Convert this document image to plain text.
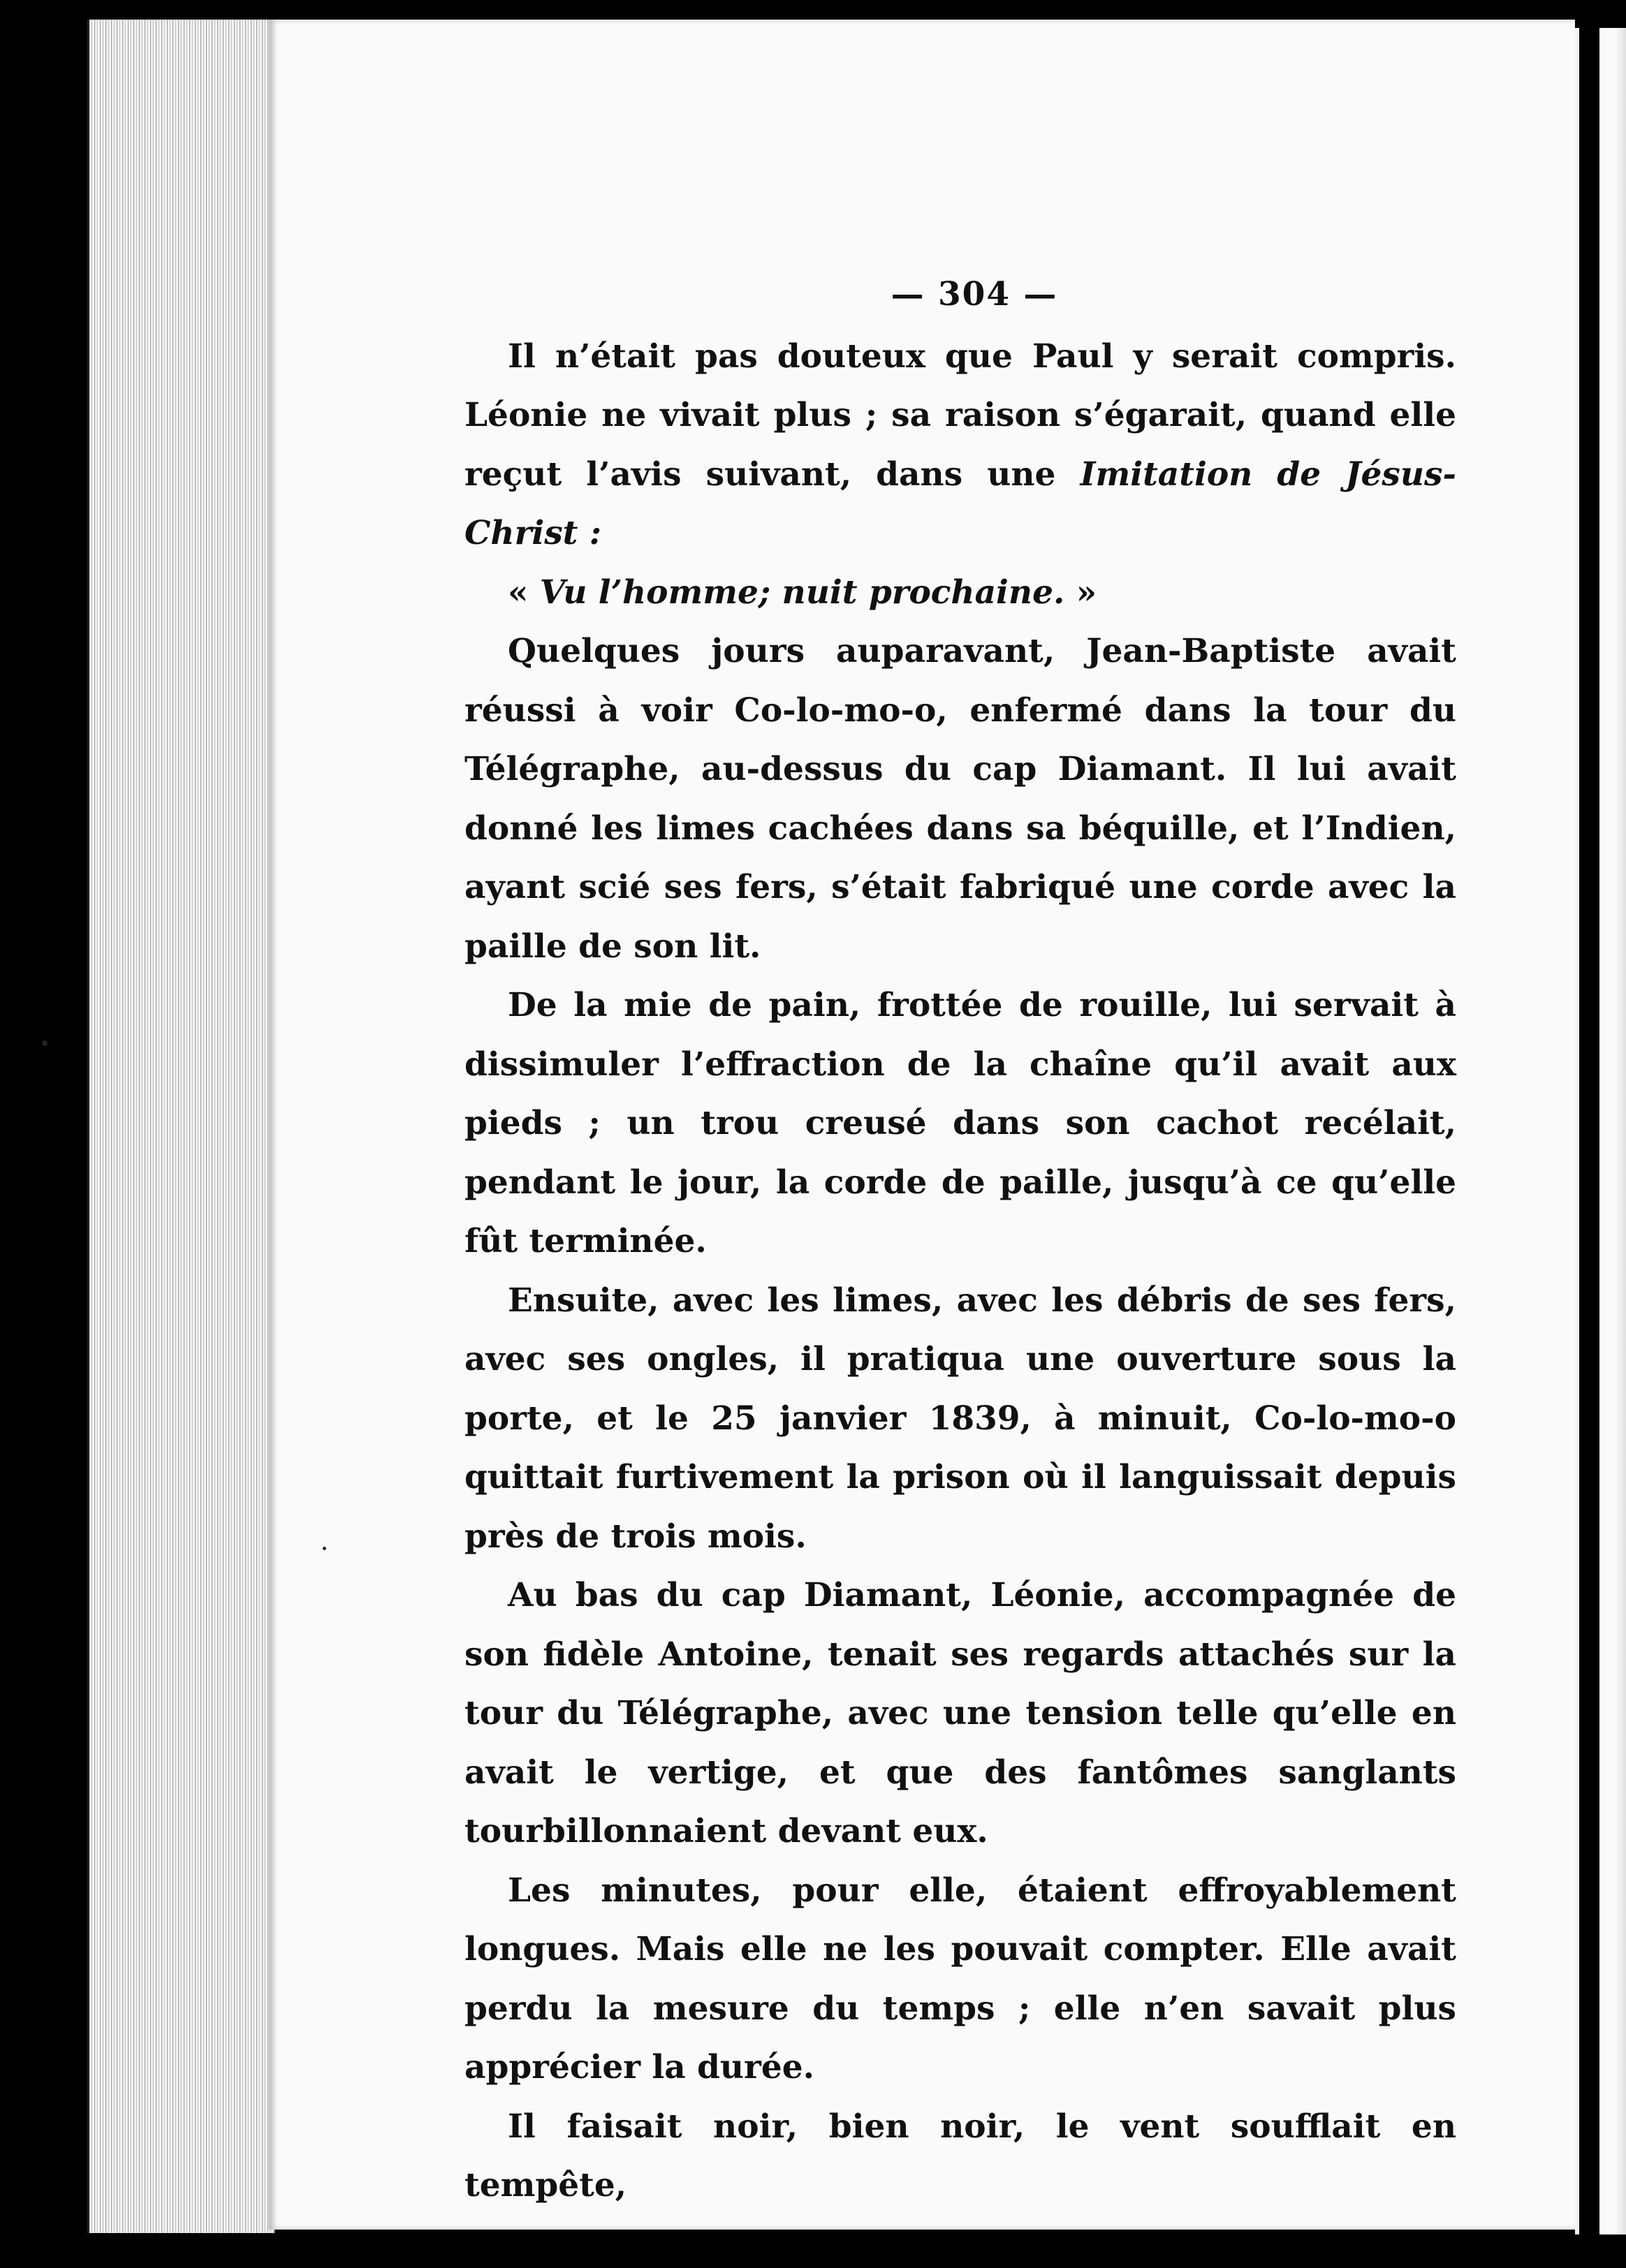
— 304 —

Il n’était pas douteux que Paul y serait compris. Léonie ne vivait plus ; sa raison s’égarait, quand elle reçut l’avis suivant, dans une Imitation de Jésus-Christ :

« Vu l’homme; nuit prochaine. »

Quelques jours auparavant, Jean-Baptiste avait réussi à voir Co-lo-mo-o, enfermé dans la tour du Télégraphe, au-dessus du cap Diamant. Il lui avait donné les limes cachées dans sa béquille, et l’Indien, ayant scié ses fers, s’était fabriqué une corde avec la paille de son lit.

De la mie de pain, frottée de rouille, lui servait à dissimuler l’effraction de la chaîne qu’il avait aux pieds ; un trou creusé dans son cachot recélait, pendant le jour, la corde de paille, jusqu’à ce qu’elle fût terminée.

Ensuite, avec les limes, avec les débris de ses fers, avec ses ongles, il pratiqua une ouverture sous la porte, et le 25 janvier 1839, à minuit, Co-lo-mo-o quittait furtivement la prison où il languissait depuis près de trois mois.

Au bas du cap Diamant, Léonie, accompagnée de son fidèle Antoine, tenait ses regards attachés sur la tour du Télégraphe, avec une tension telle qu’elle en avait le vertige, et que des fantômes sanglants tourbillonnaient devant eux.

Les minutes, pour elle, étaient effroyablement longues. Mais elle ne les pouvait compter. Elle avait perdu la mesure du temps ; elle n’en savait plus apprécier la durée.

Il faisait noir, bien noir, le vent soufflait en tempête,
